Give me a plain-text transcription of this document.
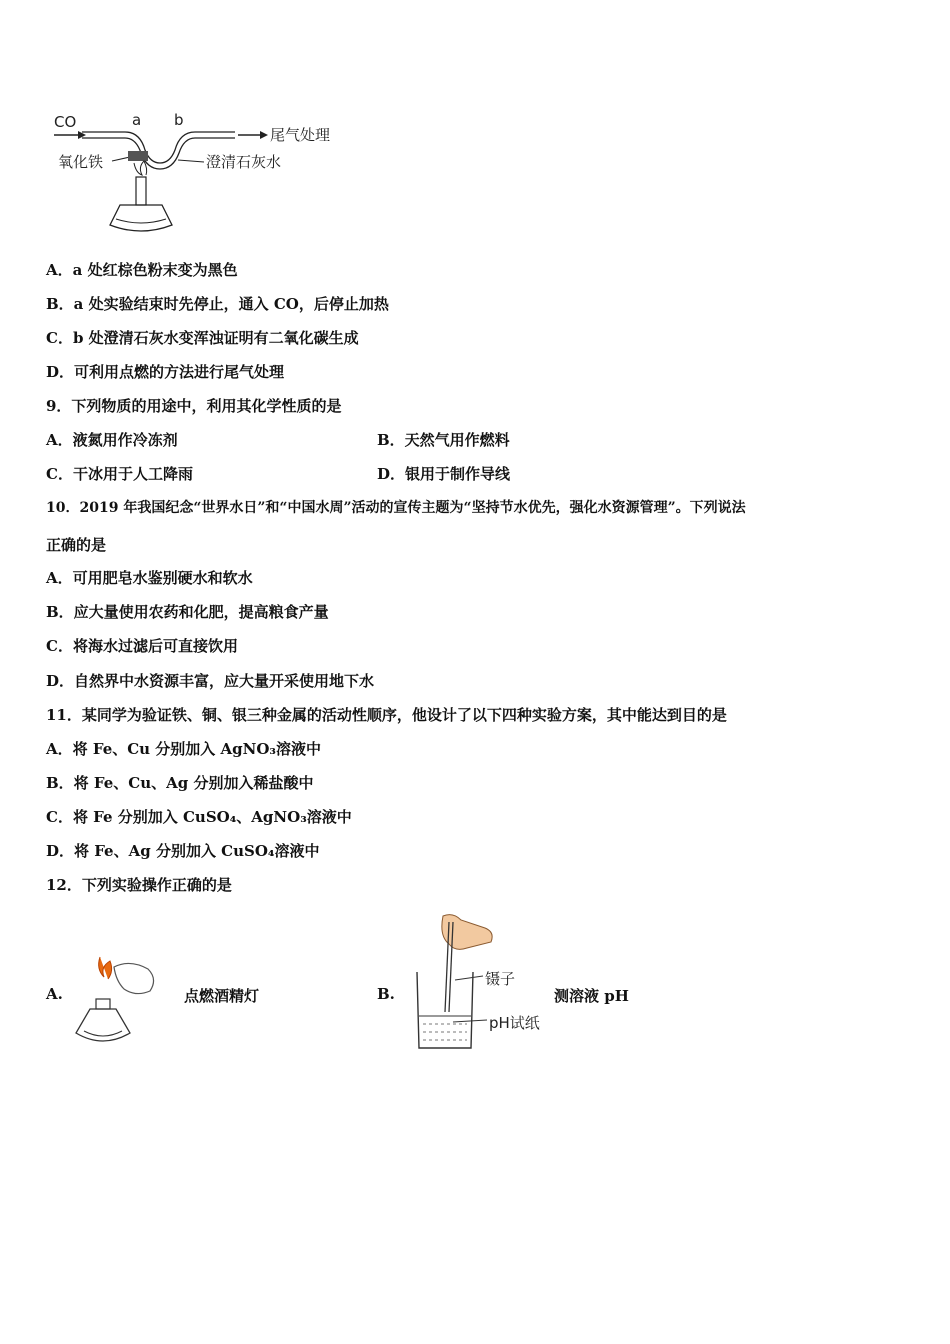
CO	a b
尾气处理
氧化铁	澄清石灰水
A．a 处红棕色粉末变为黑色
B．a 处实验结束时先停止，通入 CO，后停止加热
C．b 处澄清石灰水变浑浊证明有二氧化碳生成
D．可利用点燃的方法进行尾气处理
9．下列物质的用途中，利用其化学性质的是
A．液氮用作冷冻剂	B．天然气用作燃料
C．干冰用于人工降雨	D．银用于制作导线
10．2019 年我国纪念“世界水日”和“中国水周”活动的宣传主题为“坚持节水优先，强化水资源管理”。下列说法
正确的是
A．可用肥皂水鉴别硬水和软水
B．应大量使用农药和化肥，提高粮食产量
C．将海水过滤后可直接饮用
D．自然界中水资源丰富，应大量开采使用地下水
11．某同学为验证铁、铜、银三种金属的活动性顺序，他设计了以下四种实验方案，其中能达到目的是
A．将 Fe、Cu 分别加入 AgNO₃溶液中
B．将 Fe、Cu、Ag 分别加入稀盐酸中
C．将 Fe 分别加入 CuSO₄、AgNO₃溶液中
D．将 Fe、Ag 分别加入 CuSO₄溶液中
12．下列实验操作正确的是
A.	点燃酒精灯	B.
镊子
pH试纸
测溶液 pH
